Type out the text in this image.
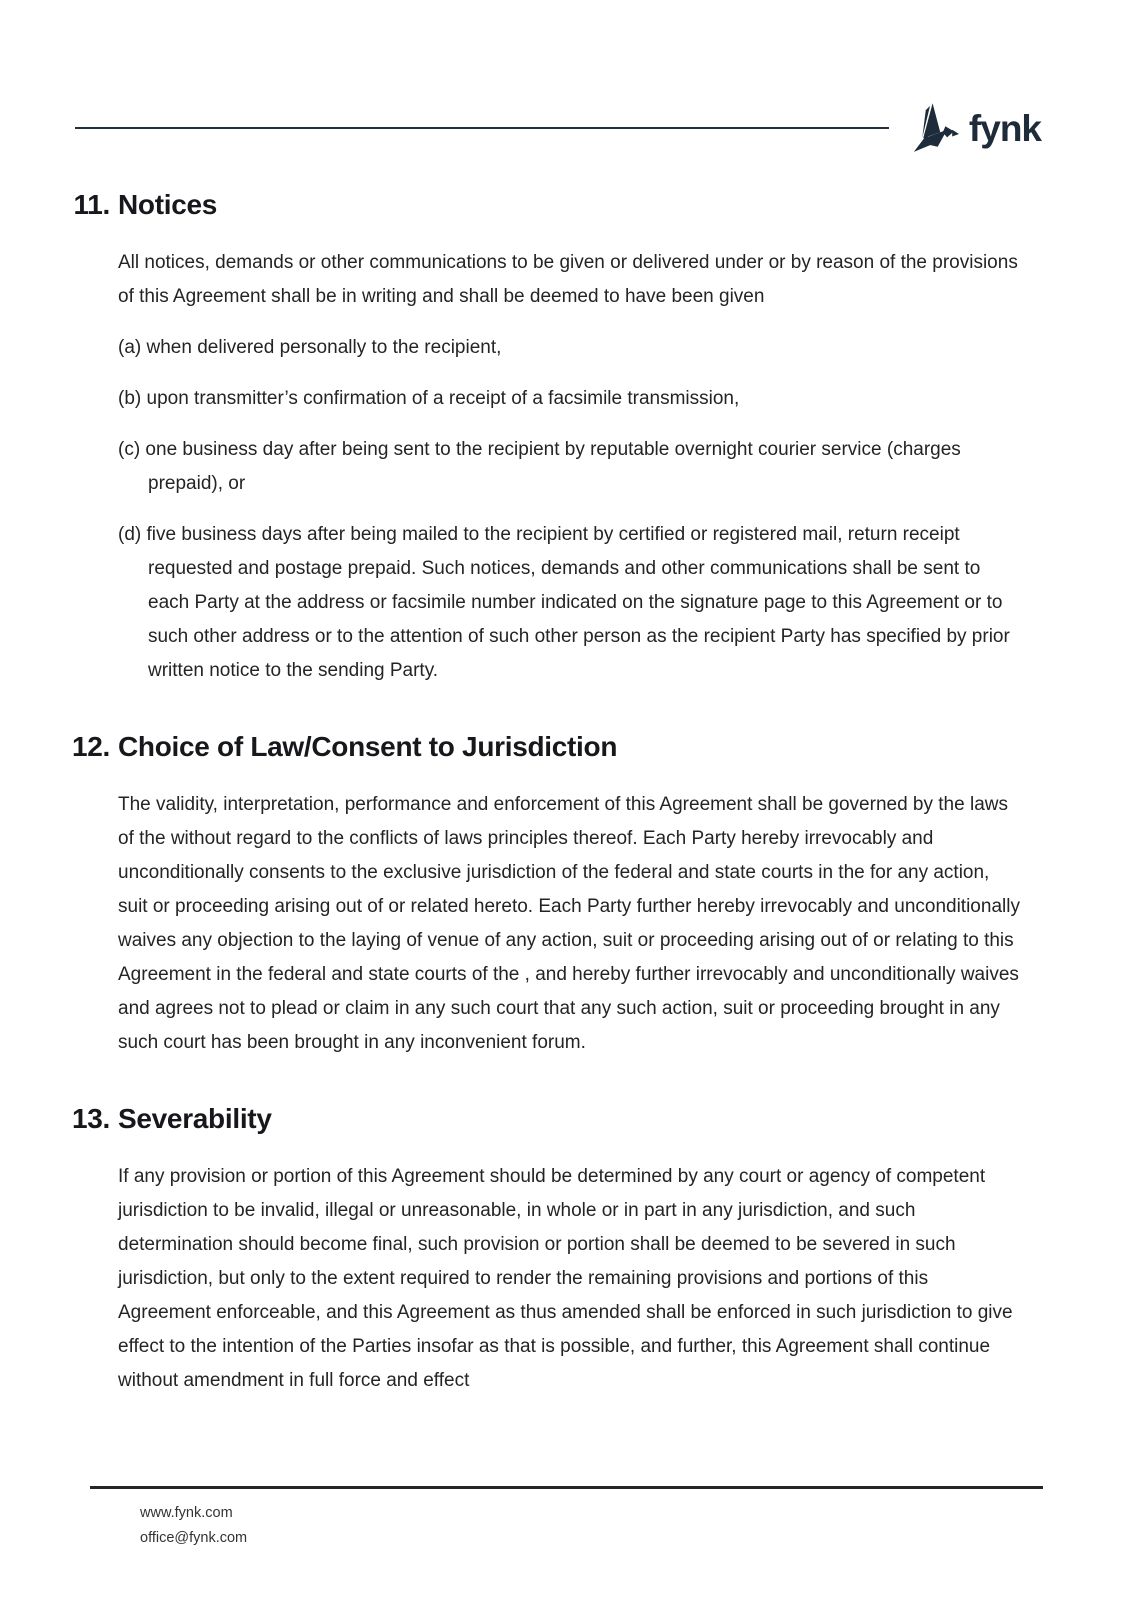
fynk
11. Notices

All notices, demands or other communications to be given or delivered under or by reason of the provisions of this Agreement shall be in writing and shall be deemed to have been given

(a) when delivered personally to the recipient,

(b) upon transmitter’s confirmation of a receipt of a facsimile transmission,

(c) one business day after being sent to the recipient by reputable overnight courier service (charges prepaid), or

(d) five business days after being mailed to the recipient by certified or registered mail, return receipt requested and postage prepaid. Such notices, demands and other communications shall be sent to each Party at the address or facsimile number indicated on the signature page to this Agreement or to such other address or to the attention of such other person as the recipient Party has specified by prior written notice to the sending Party.

12. Choice of Law/Consent to Jurisdiction

The validity, interpretation, performance and enforcement of this Agreement shall be governed by the laws of the without regard to the conflicts of laws principles thereof. Each Party hereby irrevocably and unconditionally consents to the exclusive jurisdiction of the federal and state courts in the for any action, suit or proceeding arising out of or related hereto. Each Party further hereby irrevocably and unconditionally waives any objection to the laying of venue of any action, suit or proceeding arising out of or relating to this Agreement in the federal and state courts of the , and hereby further irrevocably and unconditionally waives and agrees not to plead or claim in any such court that any such action, suit or proceeding brought in any such court has been brought in any inconvenient forum.

13. Severability

If any provision or portion of this Agreement should be determined by any court or agency of competent jurisdiction to be invalid, illegal or unreasonable, in whole or in part in any jurisdiction, and such determination should become final, such provision or portion shall be deemed to be severed in such jurisdiction, but only to the extent required to render the remaining provisions and portions of this Agreement enforceable, and this Agreement as thus amended shall be enforced in such jurisdiction to give effect to the intention of the Parties insofar as that is possible, and further, this Agreement shall continue without amendment in full force and effect

www.fynk.com
office@fynk.com
